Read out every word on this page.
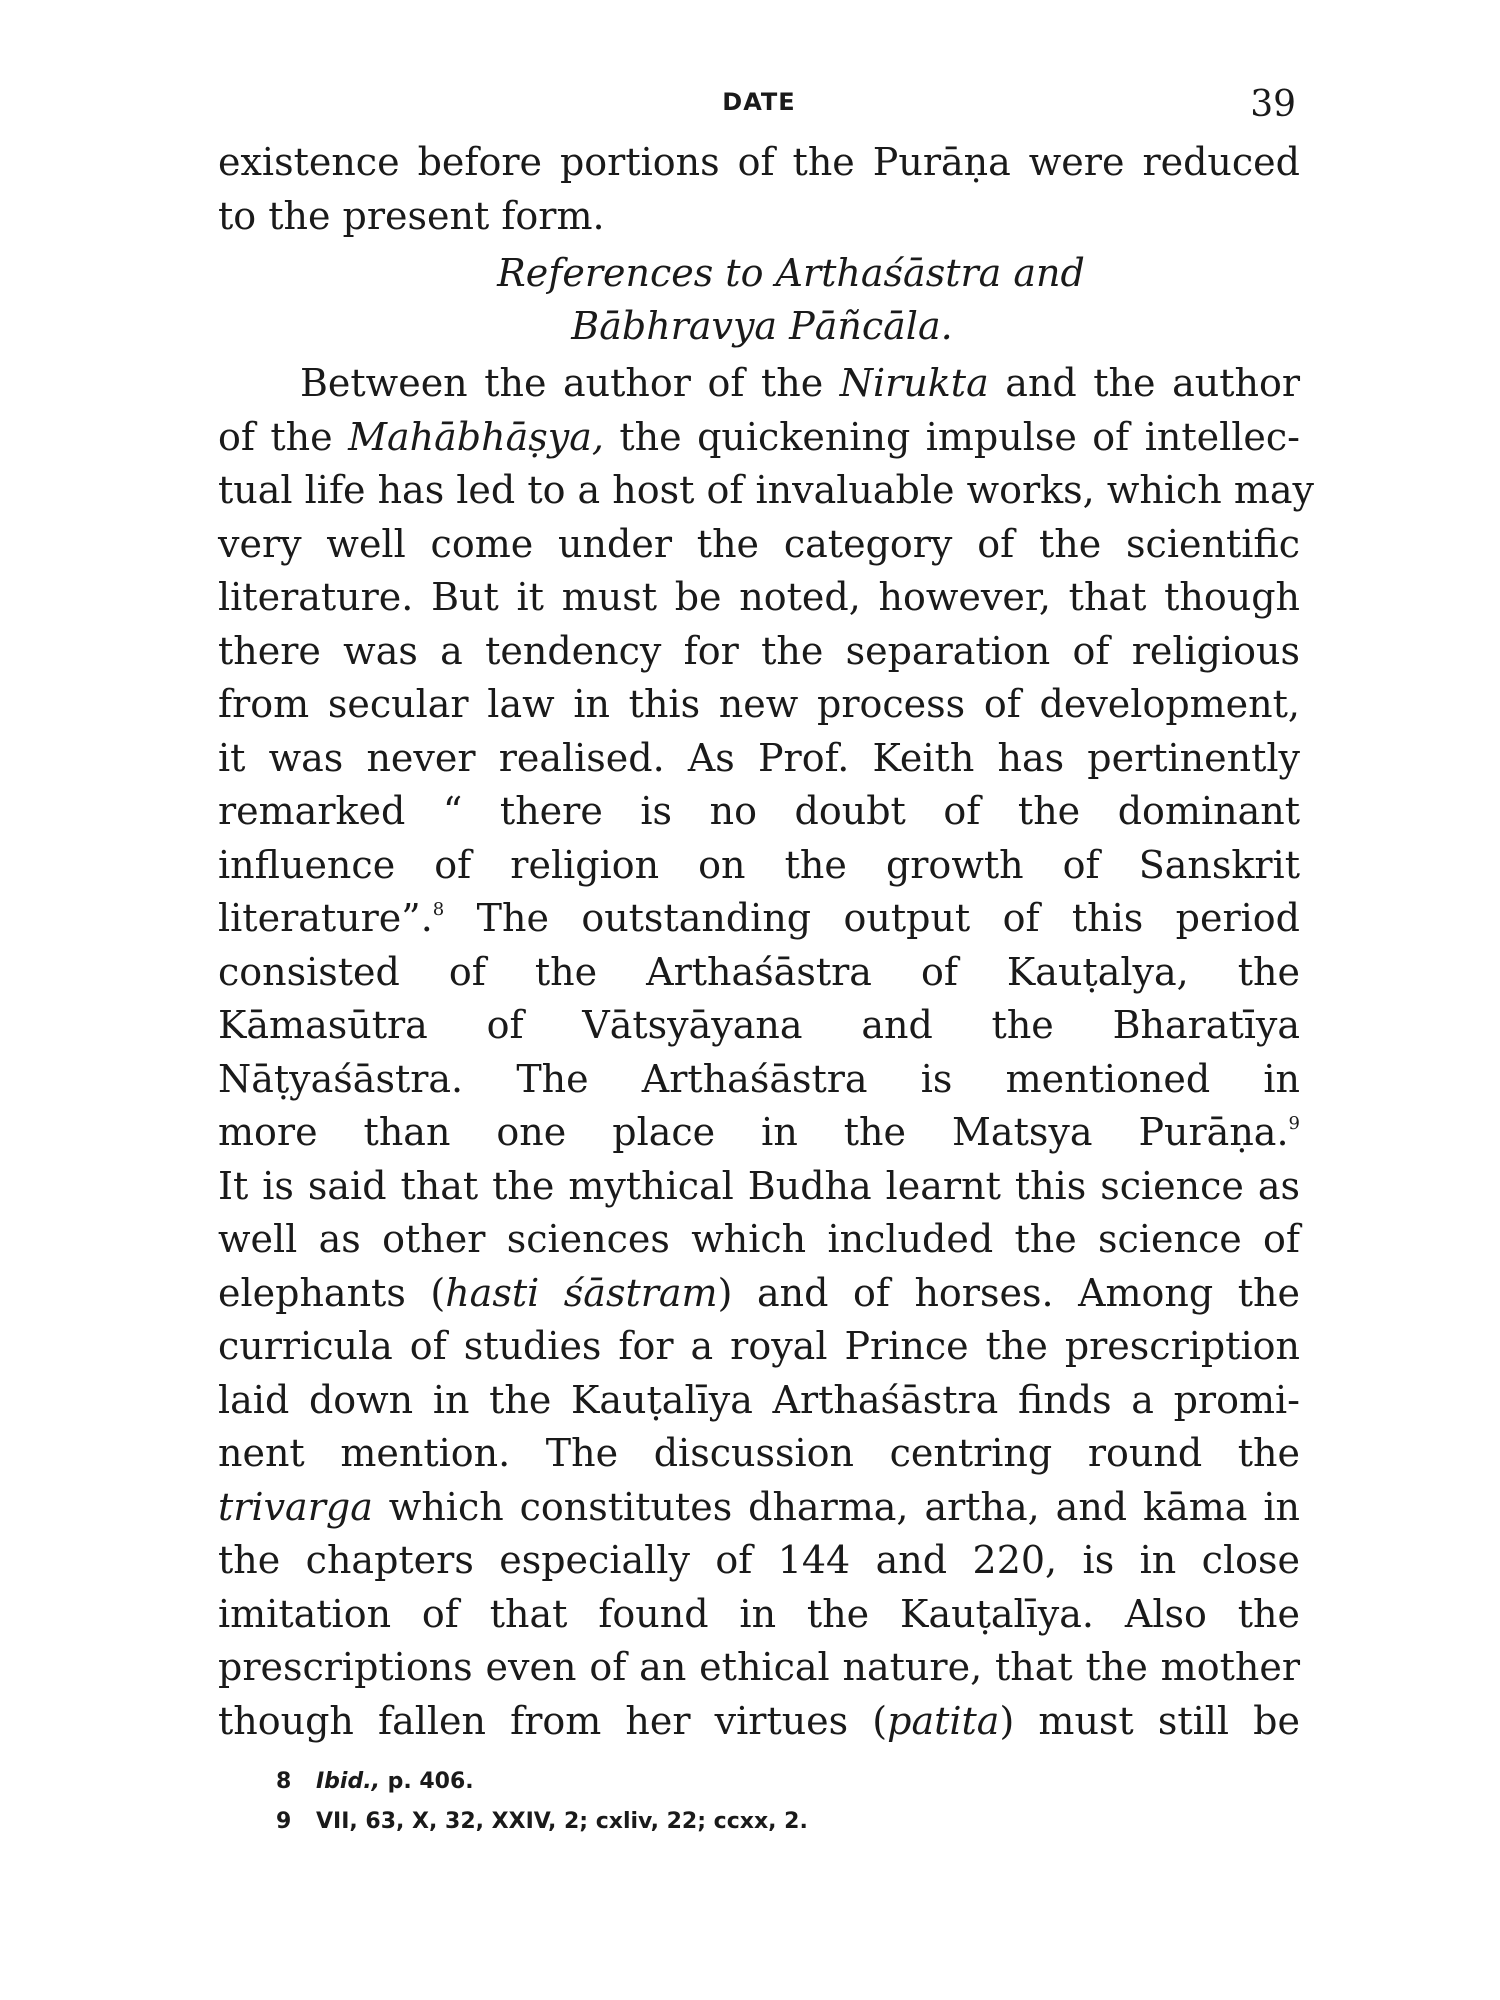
DATE	39
existence before portions of the Purāṇa were reduced
to the present form.
References to Arthaśāstra and
Bābhravya Pāñcāla.
Between the author of the Nirukta and the author
of the Mahābhāṣya, the quickening impulse of intellec-
tual life has led to a host of invaluable works, which may
very well come under the category of the scientific
literature. But it must be noted, however, that though
there was a tendency for the separation of religious
from secular law in this new process of development,
it was never realised. As Prof. Keith has pertinently
remarked “ there is no doubt of the dominant
influence of religion on the growth of Sanskrit
literature”.$^8$ The outstanding output of this period
consisted of the Arthaśāstra of Kauṭalya, the
Kāmasūtra of Vātsyāyana and the Bharatīya
Nāṭyaśāstra. The Arthaśāstra is mentioned in
more than one place in the Matsya Purāṇa.$^9$
It is said that the mythical Budha learnt this science as
well as other sciences which included the science of
elephants (hasti śāstram) and of horses. Among the
curricula of studies for a royal Prince the prescription
laid down in the Kauṭalīya Arthaśāstra finds a promi-
nent mention. The discussion centring round the
trivarga which constitutes dharma, artha, and kāma in
the chapters especially of 144 and 220, is in close
imitation of that found in the Kauṭalīya. Also the
prescriptions even of an ethical nature, that the mother
though fallen from her virtues (patita) must still be
8 Ibid., p. 406.
9 VII, 63, X, 32, XXIV, 2; cxliv, 22; ccxx, 2.
